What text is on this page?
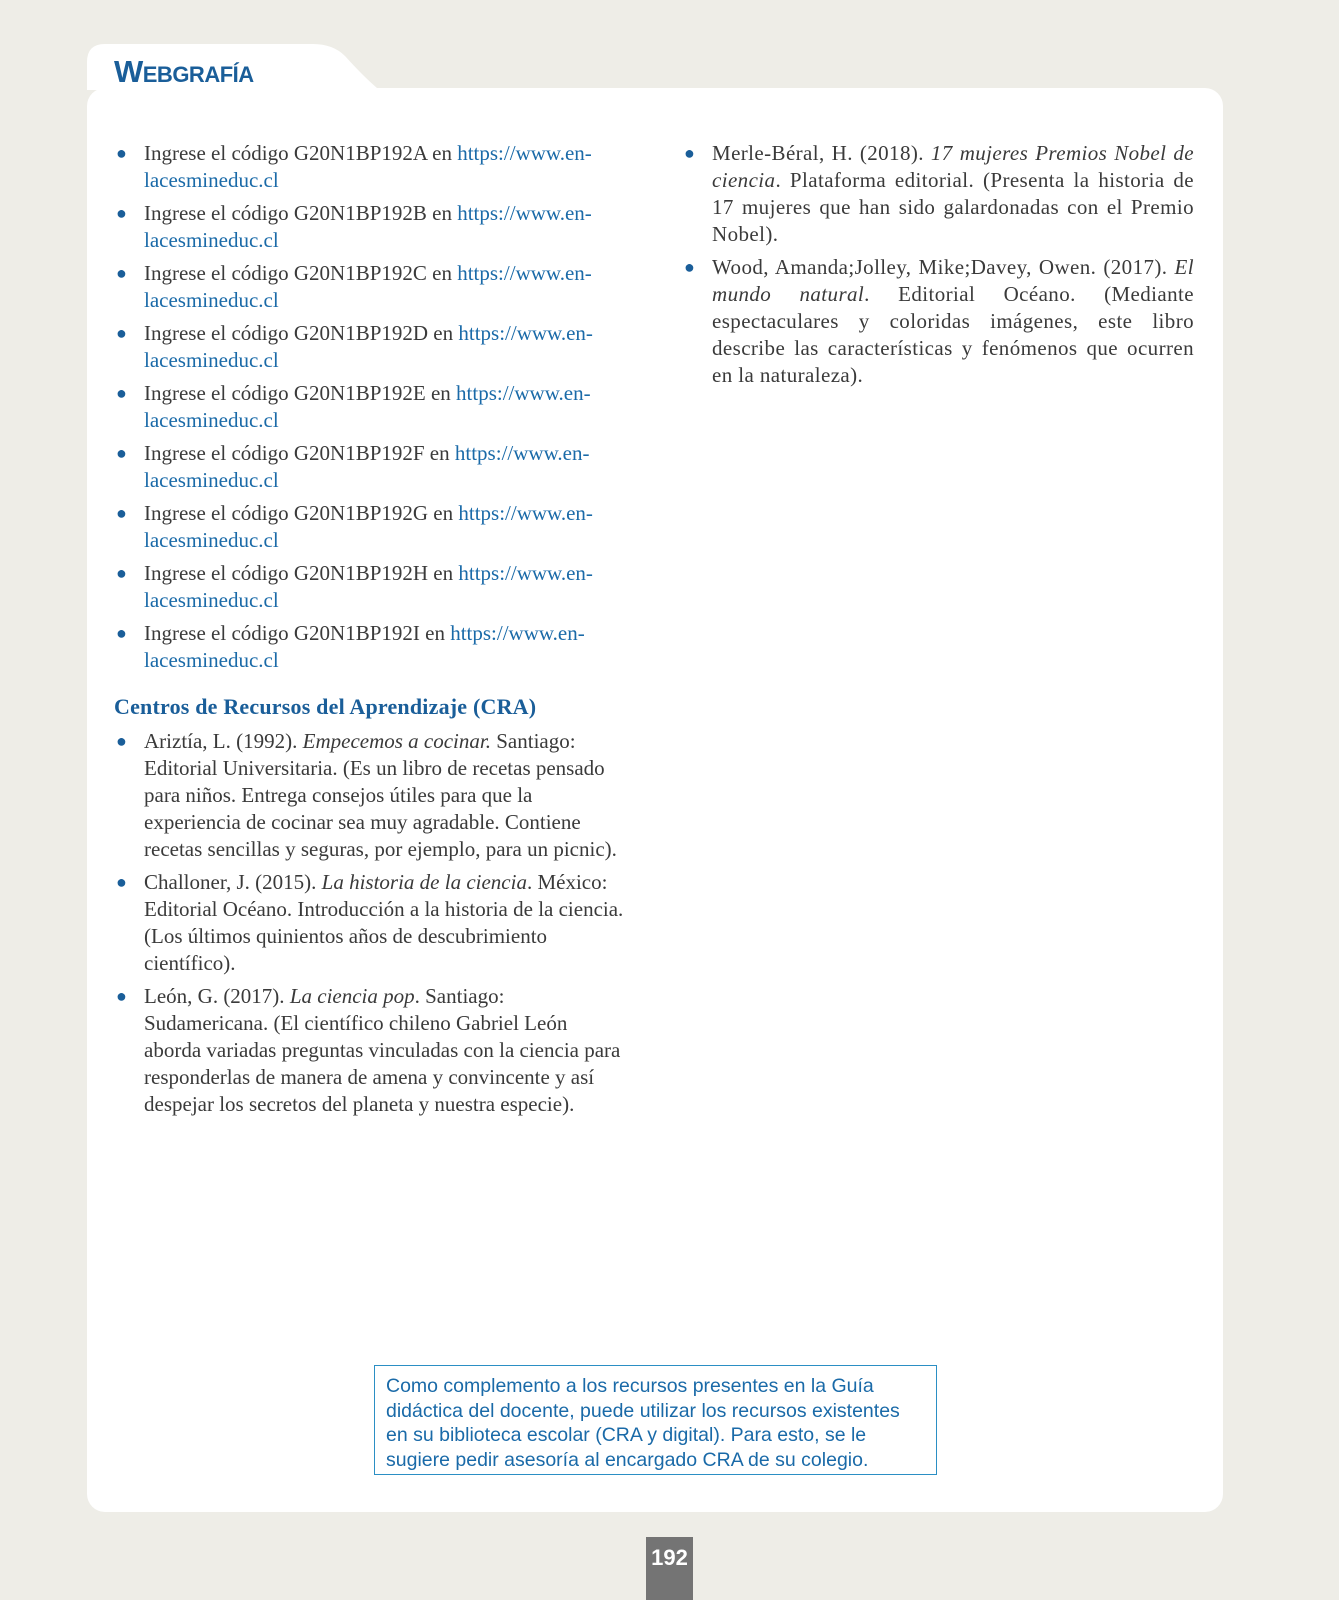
Webgrafía
● Ingrese el código G20N1BP192A en https://www.en-
lacesmineduc.cl
● Ingrese el código G20N1BP192B en https://www.en-
lacesmineduc.cl
● Ingrese el código G20N1BP192C en https://www.en-
lacesmineduc.cl
● Ingrese el código G20N1BP192D en https://www.en-
lacesmineduc.cl
● Ingrese el código G20N1BP192E en https://www.en-
lacesmineduc.cl
● Ingrese el código G20N1BP192F en https://www.en-
lacesmineduc.cl
● Ingrese el código G20N1BP192G en https://www.en-
lacesmineduc.cl
● Ingrese el código G20N1BP192H en https://www.en-
lacesmineduc.cl
● Ingrese el código G20N1BP192I en https://www.en-
lacesmineduc.cl
Centros de Recursos del Aprendizaje (CRA)
● Ariztía, L. (1992). Empecemos a cocinar. Santiago: Editorial Universitaria. (Es un libro de recetas pensado para niños. Entrega consejos útiles para que la experiencia de cocinar sea muy agradable. Contiene recetas sencillas y seguras, por ejemplo, para un picnic).
● Challoner, J. (2015). La historia de la ciencia. México: Editorial Océano. Introducción a la historia de la ciencia. (Los últimos quinientos años de descubrimiento científico).
● León, G. (2017). La ciencia pop. Santiago: Sudamericana. (El científico chileno Gabriel León aborda variadas preguntas vinculadas con la ciencia para responderlas de manera de amena y convincente y así despejar los secretos del planeta y nuestra especie).
● Merle-Béral, H. (2018). 17 mujeres Premios Nobel de ciencia. Plataforma editorial. (Presenta la historia de 17 mujeres que han sido galardonadas con el Premio Nobel).
● Wood, Amanda;Jolley, Mike;Davey, Owen. (2017). El mundo natural. Editorial Océano. (Mediante espectaculares y coloridas imágenes, este libro describe las características y fenómenos que ocurren en la naturaleza).
Como complemento a los recursos presentes en la Guía didáctica del docente, puede utilizar los recursos existentes en su biblioteca escolar (CRA y digital). Para esto, se le sugiere pedir asesoría al encargado CRA de su colegio.
192
